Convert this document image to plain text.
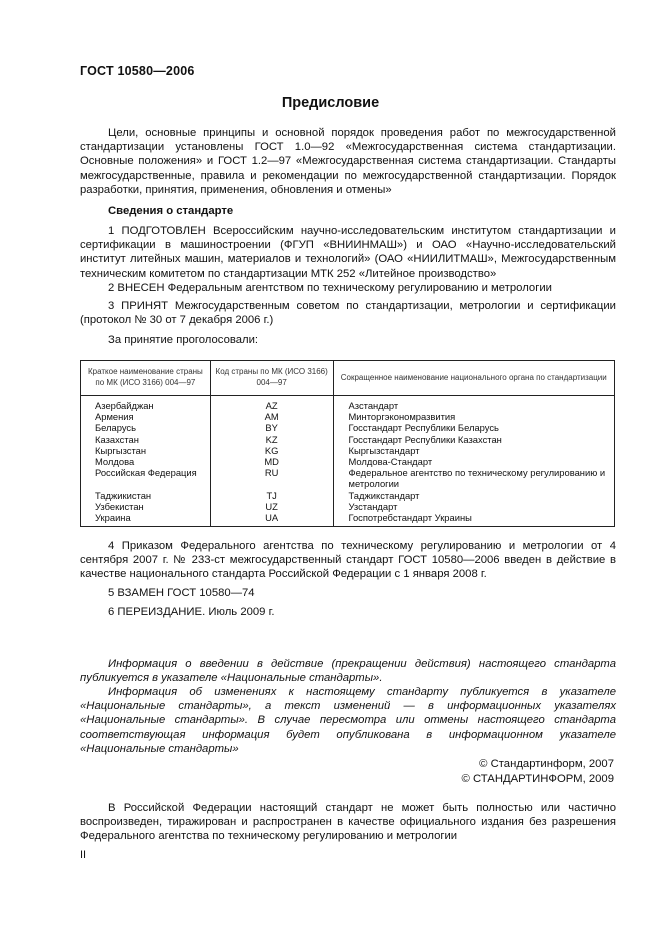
ГОСТ 10580—2006
Предисловие
Цели, основные принципы и основной порядок проведения работ по межгосударственной стандартизации установлены ГОСТ 1.0—92 «Межгосударственная система стандартизации. Основные положения» и ГОСТ 1.2—97 «Межгосударственная система стандартизации. Стандарты межгосударственные, правила и рекомендации по межгосударственной стандартизации. Порядок разработки, принятия, применения, обновления и отмены»
Сведения о стандарте
1 ПОДГОТОВЛЕН Всероссийским научно-исследовательским институтом стандартизации и сертификации в машиностроении (ФГУП «ВНИИНМАШ») и ОАО «Научно-исследовательский институт литейных машин, материалов и технологий» (ОАО «НИИЛИТМАШ», Межгосударственным техническим комитетом по стандартизации МТК 252 «Литейное производство»
2 ВНЕСЕН Федеральным агентством по техническому регулированию и метрологии
3 ПРИНЯТ Межгосударственным советом по стандартизации, метрологии и сертификации (протокол № 30 от 7 декабря 2006 г.)
За принятие проголосовали:
Краткое наименование страны по МК (ИСО 3166) 004—97	Код страны по МК (ИСО 3166) 004—97	Сокращенное наименование национального органа по стандартизации
Азербайджан	AZ	Азстандарт
Армения	AM	Минторгэкономразвития
Беларусь	BY	Госстандарт Республики Беларусь
Казахстан	KZ	Госстандарт Республики Казахстан
Кыргызстан	KG	Кыргызстандарт
Молдова	MD	Молдова-Стандарт
Российская Федерация	RU	Федеральное агентство по техническому регулированию и метрологии
Таджикистан	TJ	Таджикстандарт
Узбекистан	UZ	Узстандарт
Украина	UA	Госпотребстандарт Украины
4 Приказом Федерального агентства по техническому регулированию и метрологии от 4 сентября 2007 г. № 233-ст межгосударственный стандарт ГОСТ 10580—2006 введен в действие в качестве национального стандарта Российской Федерации с 1 января 2008 г.
5 ВЗАМЕН ГОСТ 10580—74
6 ПЕРЕИЗДАНИЕ. Июль 2009 г.
Информация о введении в действие (прекращении действия) настоящего стандарта публикуется в указателе «Национальные стандарты».
Информация об изменениях к настоящему стандарту публикуется в указателе «Национальные стандарты», а текст изменений — в информационных указателях «Национальные стандарты». В случае пересмотра или отмены настоящего стандарта соответствующая информация будет опубликована в информационном указателе «Национальные стандарты»
© Стандартинформ, 2007
© СТАНДАРТИНФОРМ, 2009
В Российской Федерации настоящий стандарт не может быть полностью или частично воспроизведен, тиражирован и распространен в качестве официального издания без разрешения Федерального агентства по техническому регулированию и метрологии
II
